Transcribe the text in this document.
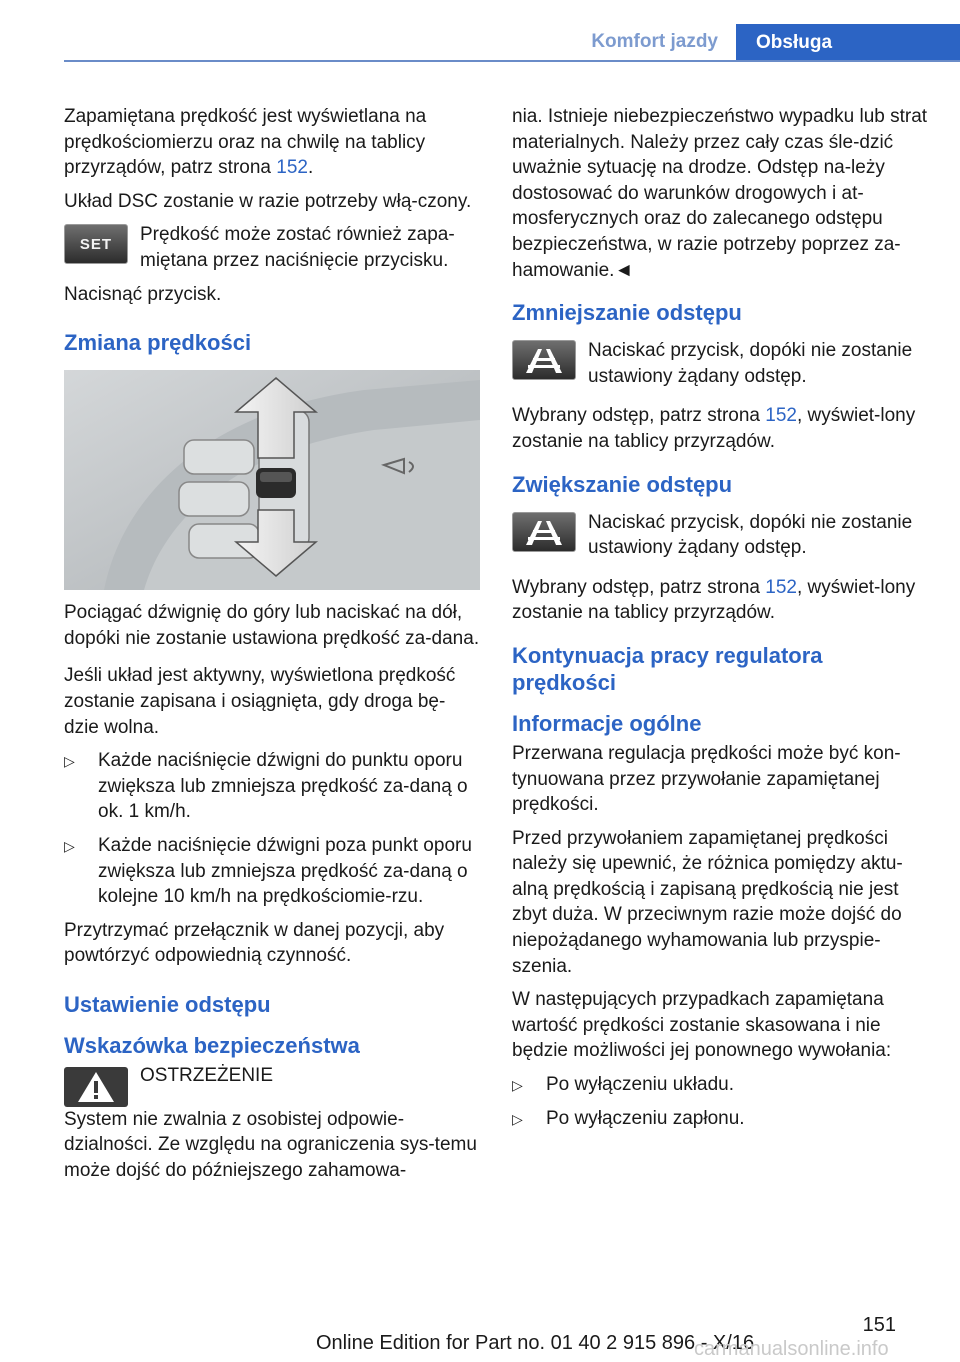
Komfort jazdy	Obsługa

Zapamiętana prędkość jest wyświetlana na prędkościomierzu oraz na chwilę na tablicy przyrządów, patrz strona 152.

Układ DSC zostanie w razie potrzeby włą-czony.

SET	Prędkość może zostać również zapa-miętana przez naciśnięcie przycisku.

Nacisnąć przycisk.

Zmiana prędkości

Pociągać dźwignię do góry lub naciskać na dół, dopóki nie zostanie ustawiona prędkość za-dana.

Jeśli układ jest aktywny, wyświetlona prędkość zostanie zapisana i osiągnięta, gdy droga bę-dzie wolna.

▷ Każde naciśnięcie dźwigni do punktu oporu zwiększa lub zmniejsza prędkość za-daną o ok. 1 km/h.
▷ Każde naciśnięcie dźwigni poza punkt oporu zwiększa lub zmniejsza prędkość za-daną o kolejne 10 km/h na prędkościomie-rzu.

Przytrzymać przełącznik w danej pozycji, aby powtórzyć odpowiednią czynność.

Ustawienie odstępu
Wskazówka bezpieczeństwa
OSTRZEŻENIE

System nie zwalnia z osobistej odpowie-dzialności. Ze względu na ograniczenia sys-temu może dojść do późniejszego zahamowa-

nia. Istnieje niebezpieczeństwo wypadku lub strat materialnych. Należy przez cały czas śle-dzić uważnie sytuację na drodze. Odstęp na-leży dostosować do warunków drogowych i at-mosferycznych oraz do zalecanego odstępu bezpieczeństwa, w razie potrzeby poprzez za-hamowanie.◄

Zmniejszanie odstępu
Naciskać przycisk, dopóki nie zostanie ustawiony żądany odstęp.

Wybrany odstęp, patrz strona 152, wyświet-lony zostanie na tablicy przyrządów.

Zwiększanie odstępu
Naciskać przycisk, dopóki nie zostanie ustawiony żądany odstęp.

Wybrany odstęp, patrz strona 152, wyświet-lony zostanie na tablicy przyrządów.

Kontynuacja pracy regulatora prędkości
Informacje ogólne

Przerwana regulacja prędkości może być kon-tynuowana przez przywołanie zapamiętanej prędkości.

Przed przywołaniem zapamiętanej prędkości należy się upewnić, że różnica pomiędzy aktu-alną prędkością i zapisaną prędkością nie jest zbyt duża. W przeciwnym razie może dojść do niepożądanego wyhamowania lub przyspie-szenia.

W następujących przypadkach zapamiętana wartość prędkości zostanie skasowana i nie będzie możliwości jej ponownego wywołania:

▷ Po wyłączeniu układu.
▷ Po wyłączeniu zapłonu.
151
Online Edition for Part no. 01 40 2 915 896 - X/16
carmanualsonline.info
